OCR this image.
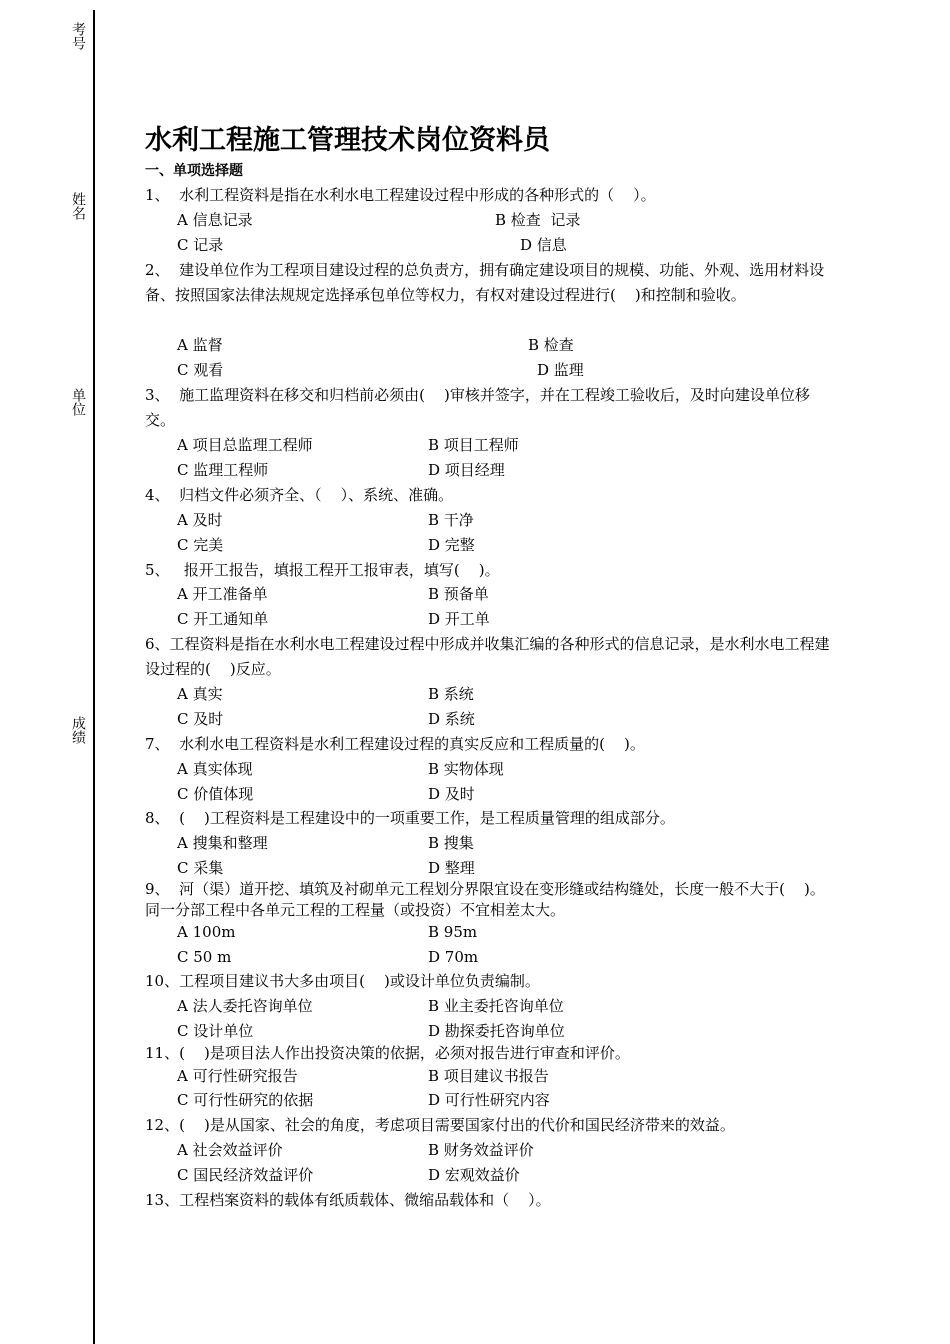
考号
姓名
单位
成绩
水利工程施工管理技术岗位资料员
一、单项选择题
1、  水利工程资料是指在水利水电工程建设过程中形成的各种形式的（    ）。
A 信息记录	B 检查  记录
C 记录	D 信息
2、  建设单位作为工程项目建设过程的总负责方，拥有确定建设项目的规模、功能、外观、选用材料设备、按照国家法律法规规定选择承包单位等权力，有权对建设过程进行(    )和控制和验收。
A 监督	B 检查
C 观看	D 监理
3、  施工监理资料在移交和归档前必须由(    )审核并签字，并在工程竣工验收后，及时向建设单位移交。
A 项目总监理工程师	B 项目工程师
C 监理工程师	D 项目经理
4、  归档文件必须齐全、（    ）、系统、准确。
A 及时	B 干净
C 完美	D 完整
5、   报开工报告，填报工程开工报审表，填写(    )。
A 开工准备单	B 预备单
C 开工通知单	D 开工单
6、工程资料是指在水利水电工程建设过程中形成并收集汇编的各种形式的信息记录，是水利水电工程建设过程的(    )反应。
A 真实	B 系统
C 及时	D 系统
7、  水利水电工程资料是水利工程建设过程的真实反应和工程质量的(    )。
A 真实体现	B 实物体现
C 价值体现	D 及时
8、  (    )工程资料是工程建设中的一项重要工作，是工程质量管理的组成部分。
A 搜集和整理	B 搜集
C 采集	D 整理
9、  河（渠）道开挖、填筑及衬砌单元工程划分界限宜设在变形缝或结构缝处，长度一般不大于(    )。同一分部工程中各单元工程的工程量（或投资）不宜相差太大。
A 100m	B 95m
C 50 m	D 70m
10、工程项目建议书大多由项目(    )或设计单位负责编制。
A 法人委托咨询单位	B 业主委托咨询单位
C 设计单位	D 勘探委托咨询单位
11、(    )是项目法人作出投资决策的依据，必须对报告进行审查和评价。
A 可行性研究报告	B 项目建议书报告
C 可行性研究的依据	D 可行性研究内容
12、(    )是从国家、社会的角度，考虑项目需要国家付出的代价和国民经济带来的效益。
A 社会效益评价	B 财务效益评价
C 国民经济效益评价	D 宏观效益价
13、工程档案资料的载体有纸质载体、微缩品载体和（    ）。
